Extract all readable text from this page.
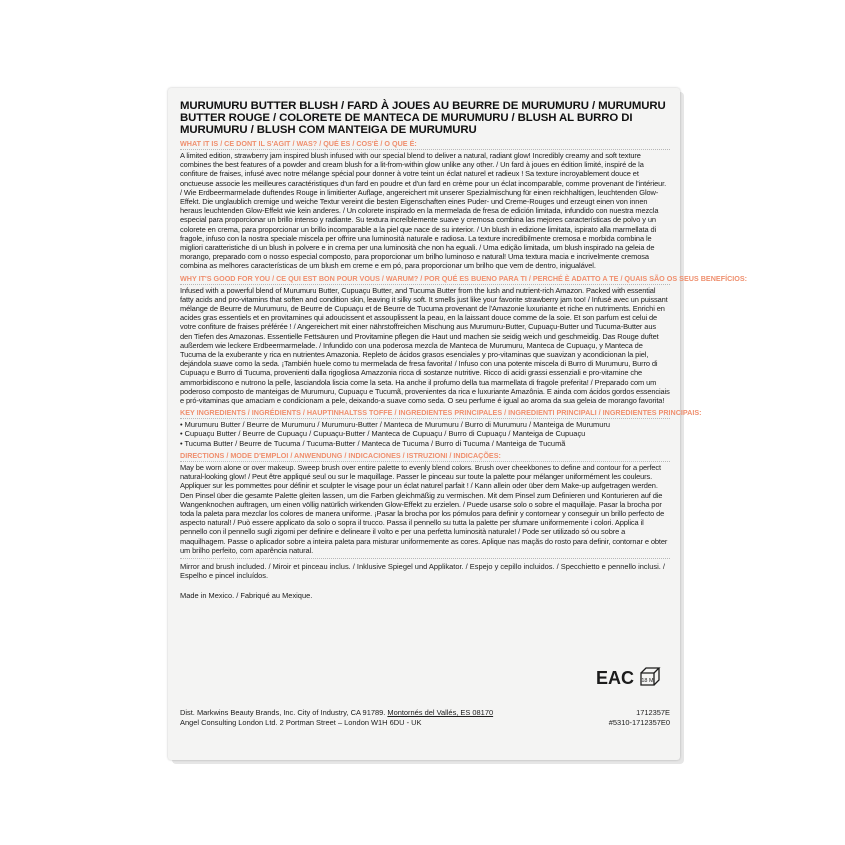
MURUMURU BUTTER BLUSH / FARD À JOUES AU BEURRE DE MURUMURU / MURUMURU BUTTER ROUGE / COLORETE DE MANTECA DE MURUMURU / BLUSH AL BURRO DI MURUMURU / BLUSH COM MANTEIGA DE MURUMURU
WHAT IT IS / CE DONT IL S'AGIT / WAS? / QUÉ ES / COS'È / O QUE É:
A limited edition, strawberry jam inspired blush infused with our special blend to deliver a natural, radiant glow! Incredibly creamy and soft texture combines the best features of a powder and cream blush for a lit-from-within glow unlike any other. / Un fard à joues en édition limité, inspiré de la confiture de fraises, infusé avec notre mélange spécial pour donner à votre teint un éclat naturel et radieux ! Sa texture incroyablement douce et onctueuse associe les meilleures caractéristiques d'un fard en poudre et d'un fard en crème pour un éclat incomparable, comme provenant de l'intérieur. / Wie Erdbeermarmelade duftendes Rouge in limitierter Auflage, angereichert mit unserer Spezialmischung für einen reichhaltigen, leuchtenden Glow-Effekt. Die unglaublich cremige und weiche Textur vereint die besten Eigenschaften eines Puder- und Creme-Rouges und erzeugt einen von innen heraus leuchtenden Glow-Effekt wie kein anderes. / Un colorete inspirado en la mermelada de fresa de edición limitada, infundido con nuestra mezcla especial para proporcionar un brillo intenso y radiante. Su textura increíblemente suave y cremosa combina las mejores características de polvo y un colorete en crema, para proporcionar un brillo incomparable a la piel que nace de su interior. / Un blush in edizione limitata, ispirato alla marmellata di fragole, infuso con la nostra speciale miscela per offrire una luminosità naturale e radiosa. La texture incredibilmente cremosa e morbida combina le migliori caratteristiche di un blush in polvere e in crema per una luminosità che non ha eguali. / Uma edição limitada, um blush inspirado na geleia de morango, preparado com o nosso especial composto, para proporcionar um brilho luminoso e natural! Uma textura macia e incrivelmente cremosa combina as melhores características de um blush em creme e em pó, para proporcionar um brilho que vem de dentro, inigualável.
WHY IT'S GOOD FOR YOU / CE QUI EST BON POUR VOUS / WARUM? / POR QUÉ ES BUENO PARA TI / PERCHÉ È ADATTO A TE / QUAIS SÃO OS SEUS BENEFÍCIOS:
Infused with a powerful blend of Murumuru Butter, Cupuaçu Butter, and Tucuma Butter from the lush and nutrient-rich Amazon. Packed with essential fatty acids and pro-vitamins that soften and condition skin, leaving it silky soft. It smells just like your favorite strawberry jam too! / Infusé avec un puissant mélange de Beurre de Murumuru, de Beurre de Cupuaçu et de Beurre de Tucuma provenant de l'Amazonie luxuriante et riche en nutriments. Enrichi en acides gras essentiels et en provitamines qui adoucissent et assouplissent la peau, en la laissant douce comme de la soie. Et son parfum est celui de votre confiture de fraises préférée ! / Angereichert mit einer nährstoffreichen Mischung aus Murumuru-Butter, Cupuaçu-Butter und Tucuma-Butter aus den Tiefen des Amazonas. Essentielle Fettsäuren und Provitamine pflegen die Haut und machen sie seidig weich und geschmeidig. Das Rouge duftet außerdem wie leckere Erdbeermarmelade. / Infundido con una poderosa mezcla de Manteca de Murumuru, Manteca de Cupuaçu, y Manteca de Tucuma de la exuberante y rica en nutrientes Amazonia. Repleto de ácidos grasos esenciales y pro-vitaminas que suavizan y acondicionan la piel, dejándola suave como la seda. ¡También huele como tu mermelada de fresa favorita! / Infuso con una potente miscela di Burro di Murumuru, Burro di Cupuaçu e Burro di Tucuma, provenienti dalla rigogliosa Amazzonia ricca di sostanze nutritive. Ricco di acidi grassi essenziali e pro-vitamine che ammorbidiscono e nutrono la pelle, lasciandola liscia come la seta. Ha anche il profumo della tua marmellata di fragole preferita! / Preparado com um poderoso composto de manteigas de Murumuru, Cupuaçu e Tucumã, provenientes da rica e luxuriante Amazônia. E ainda com ácidos gordos essenciais e pró-vitaminas que amaciam e condicionam a pele, deixando-a suave como seda. O seu perfume é igual ao aroma da sua geleia de morango favorita!
KEY INGREDIENTS / INGRÉDIENTS / HAUPTINHALTSS TOFFE / INGREDIENTES PRINCIPALES / INGREDIENTI PRINCIPALI / INGREDIENTES PRINCIPAIS:
• Murumuru Butter / Beurre de Murumuru / Murumuru-Butter / Manteca de Murumuru / Burro di Murumuru / Manteiga de Murumuru
• Cupuaçu Butter / Beurre de Cupuaçu / Cupuaçu-Butter / Manteca de Cupuaçu / Burro di Cupuaçu / Manteiga de Cupuaçu
• Tucuma Butter / Beurre de Tucuma / Tucuma-Butter / Manteca de Tucuma / Burro di Tucuma / Manteiga de Tucumã
DIRECTIONS / MODE D'EMPLOI / ANWENDUNG / INDICACIONES / ISTRUZIONI / INDICAÇÕES:
May be worn alone or over makeup. Sweep brush over entire palette to evenly blend colors. Brush over cheekbones to define and contour for a perfect natural-looking glow! / Peut être appliqué seul ou sur le maquillage. Passer le pinceau sur toute la palette pour mélanger uniformément les couleurs. Appliquer sur les pommettes pour définir et sculpter le visage pour un éclat naturel parfait ! / Kann allein oder über dem Make-up aufgetragen werden. Den Pinsel über die gesamte Palette gleiten lassen, um die Farben gleichmäßig zu vermischen. Mit dem Pinsel zum Definieren und Konturieren auf die Wangenknochen auftragen, um einen völlig natürlich wirkenden Glow-Effekt zu erzielen. / Puede usarse solo o sobre el maquillaje. Pasar la brocha por toda la paleta para mezclar los colores de manera uniforme. ¡Pasar la brocha por los pómulos para definir y contornear y conseguir un brillo perfecto de aspecto natural! / Può essere applicato da solo o sopra il trucco. Passa il pennello su tutta la palette per sfumare uniformemente i colori. Applica il pennello con il pennello sugli zigomi per definire e delineare il volto e per una perfetta luminosità naturale! / Pode ser utilizado só ou sobre a maquilhagem. Passe o aplicador sobre a inteira paleta para misturar uniformemente as cores. Aplique nas maçãs do rosto para definir, contornar e obter um brilho perfeito, com aparência natural.
Mirror and brush included. / Miroir et pinceau inclus. / Inklusive Spiegel und Applikator. / Espejo y cepillo incluidos. / Specchietto e pennello inclusi. / Espelho e pincel incluídos.
Made in Mexico. / Fabriqué au Mexique.
EAC 18 M
Dist. Markwins Beauty Brands, Inc. City of Industry, CA 91789. Montornés del Vallés, ES 08170	1712357E
Angel Consulting London Ltd. 2 Portman Street – London W1H 6DU - UK	#5310-1712357E0
